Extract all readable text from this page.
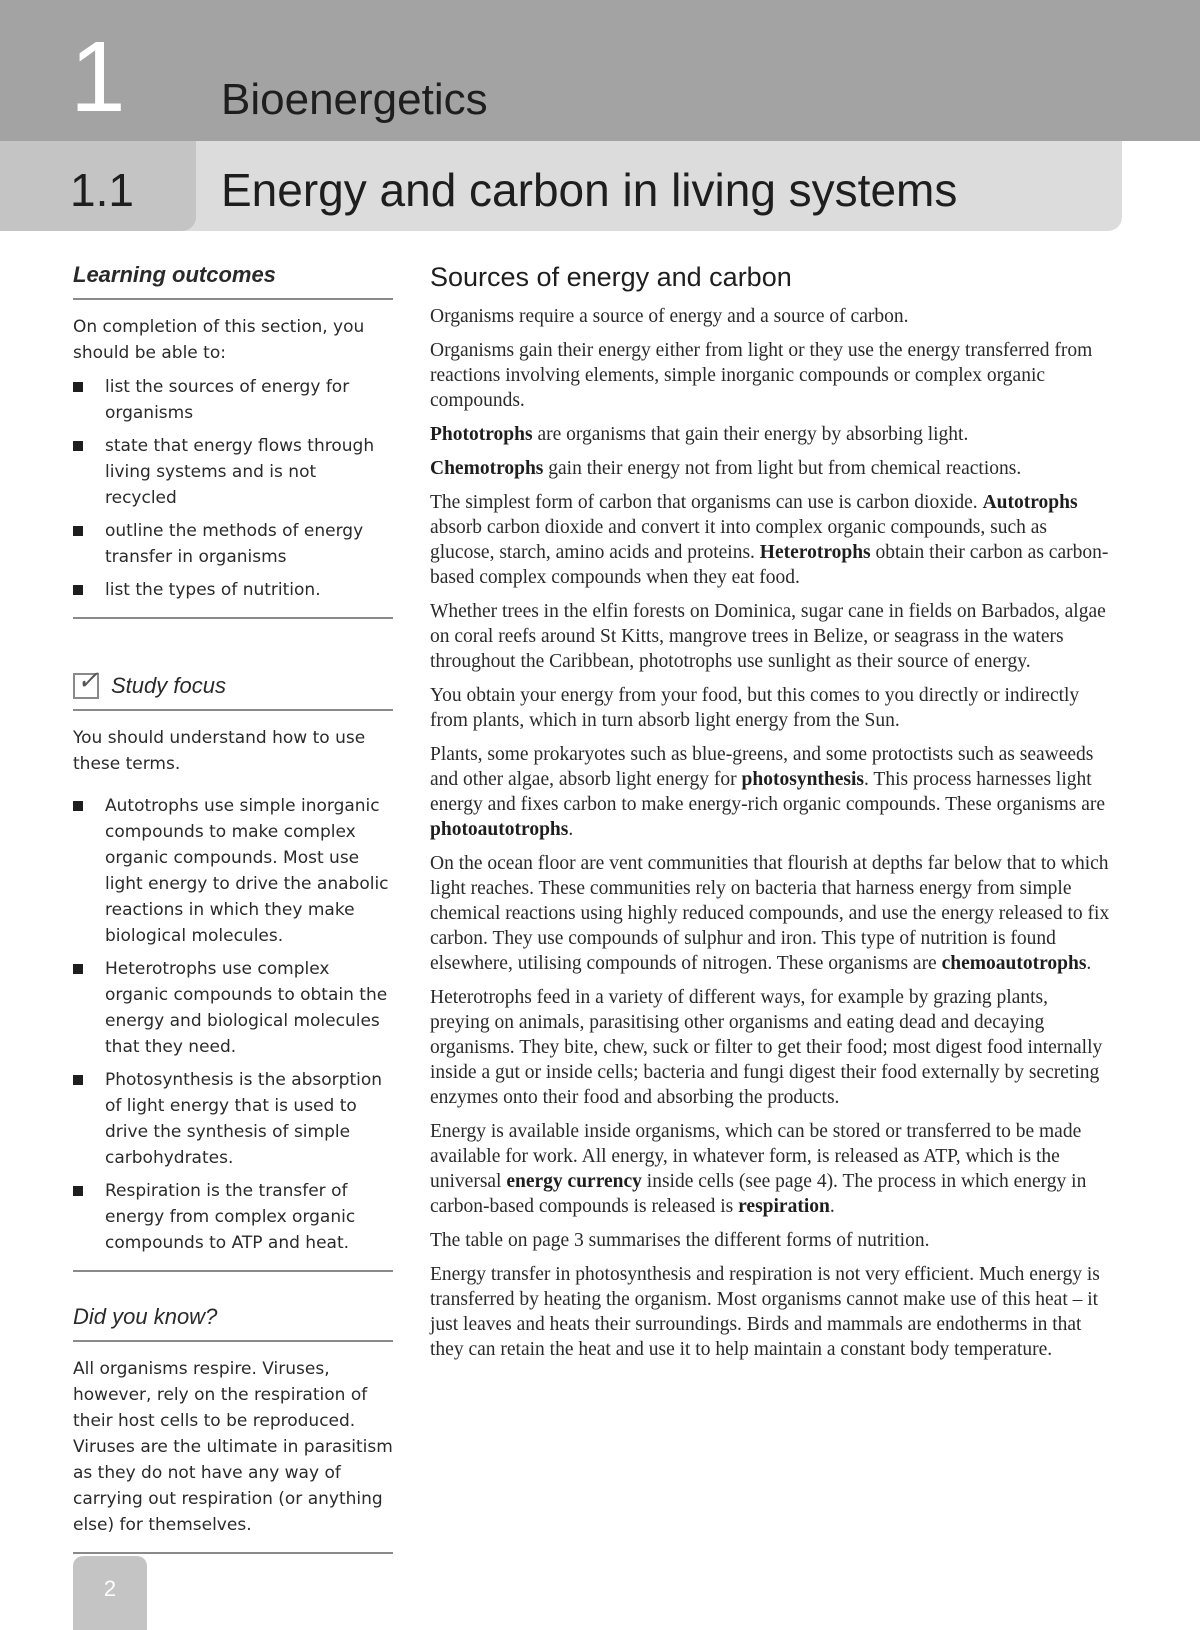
1 Bioenergetics
1.1 Energy and carbon in living systems
Learning outcomes
On completion of this section, you should be able to:
list the sources of energy for organisms
state that energy flows through living systems and is not recycled
outline the methods of energy transfer in organisms
list the types of nutrition.
✓ Study focus
You should understand how to use these terms.
Autotrophs use simple inorganic compounds to make complex organic compounds. Most use light energy to drive the anabolic reactions in which they make biological molecules.
Heterotrophs use complex organic compounds to obtain the energy and biological molecules that they need.
Photosynthesis is the absorption of light energy that is used to drive the synthesis of simple carbohydrates.
Respiration is the transfer of energy from complex organic compounds to ATP and heat.
Did you know?
All organisms respire. Viruses, however, rely on the respiration of their host cells to be reproduced. Viruses are the ultimate in parasitism as they do not have any way of carrying out respiration (or anything else) for themselves.
Sources of energy and carbon

Organisms require a source of energy and a source of carbon.

Organisms gain their energy either from light or they use the energy transferred from reactions involving elements, simple inorganic compounds or complex organic compounds.

Phototrophs are organisms that gain their energy by absorbing light.

Chemotrophs gain their energy not from light but from chemical reactions.

The simplest form of carbon that organisms can use is carbon dioxide. Autotrophs absorb carbon dioxide and convert it into complex organic compounds, such as glucose, starch, amino acids and proteins. Heterotrophs obtain their carbon as carbon-based complex compounds when they eat food.

Whether trees in the elfin forests on Dominica, sugar cane in fields on Barbados, algae on coral reefs around St Kitts, mangrove trees in Belize, or seagrass in the waters throughout the Caribbean, phototrophs use sunlight as their source of energy.

You obtain your energy from your food, but this comes to you directly or indirectly from plants, which in turn absorb light energy from the Sun.

Plants, some prokaryotes such as blue-greens, and some protoctists such as seaweeds and other algae, absorb light energy for photosynthesis. This process harnesses light energy and fixes carbon to make energy-rich organic compounds. These organisms are photoautotrophs.

On the ocean floor are vent communities that flourish at depths far below that to which light reaches. These communities rely on bacteria that harness energy from simple chemical reactions using highly reduced compounds, and use the energy released to fix carbon. They use compounds of sulphur and iron. This type of nutrition is found elsewhere, utilising compounds of nitrogen. These organisms are chemoautotrophs.

Heterotrophs feed in a variety of different ways, for example by grazing plants, preying on animals, parasitising other organisms and eating dead and decaying organisms. They bite, chew, suck or filter to get their food; most digest food internally inside a gut or inside cells; bacteria and fungi digest their food externally by secreting enzymes onto their food and absorbing the products.

Energy is available inside organisms, which can be stored or transferred to be made available for work. All energy, in whatever form, is released as ATP, which is the universal energy currency inside cells (see page 4). The process in which energy in carbon-based compounds is released is respiration.

The table on page 3 summarises the different forms of nutrition.

Energy transfer in photosynthesis and respiration is not very efficient. Much energy is transferred by heating the organism. Most organisms cannot make use of this heat – it just leaves and heats their surroundings. Birds and mammals are endotherms in that they can retain the heat and use it to help maintain a constant body temperature.

2
